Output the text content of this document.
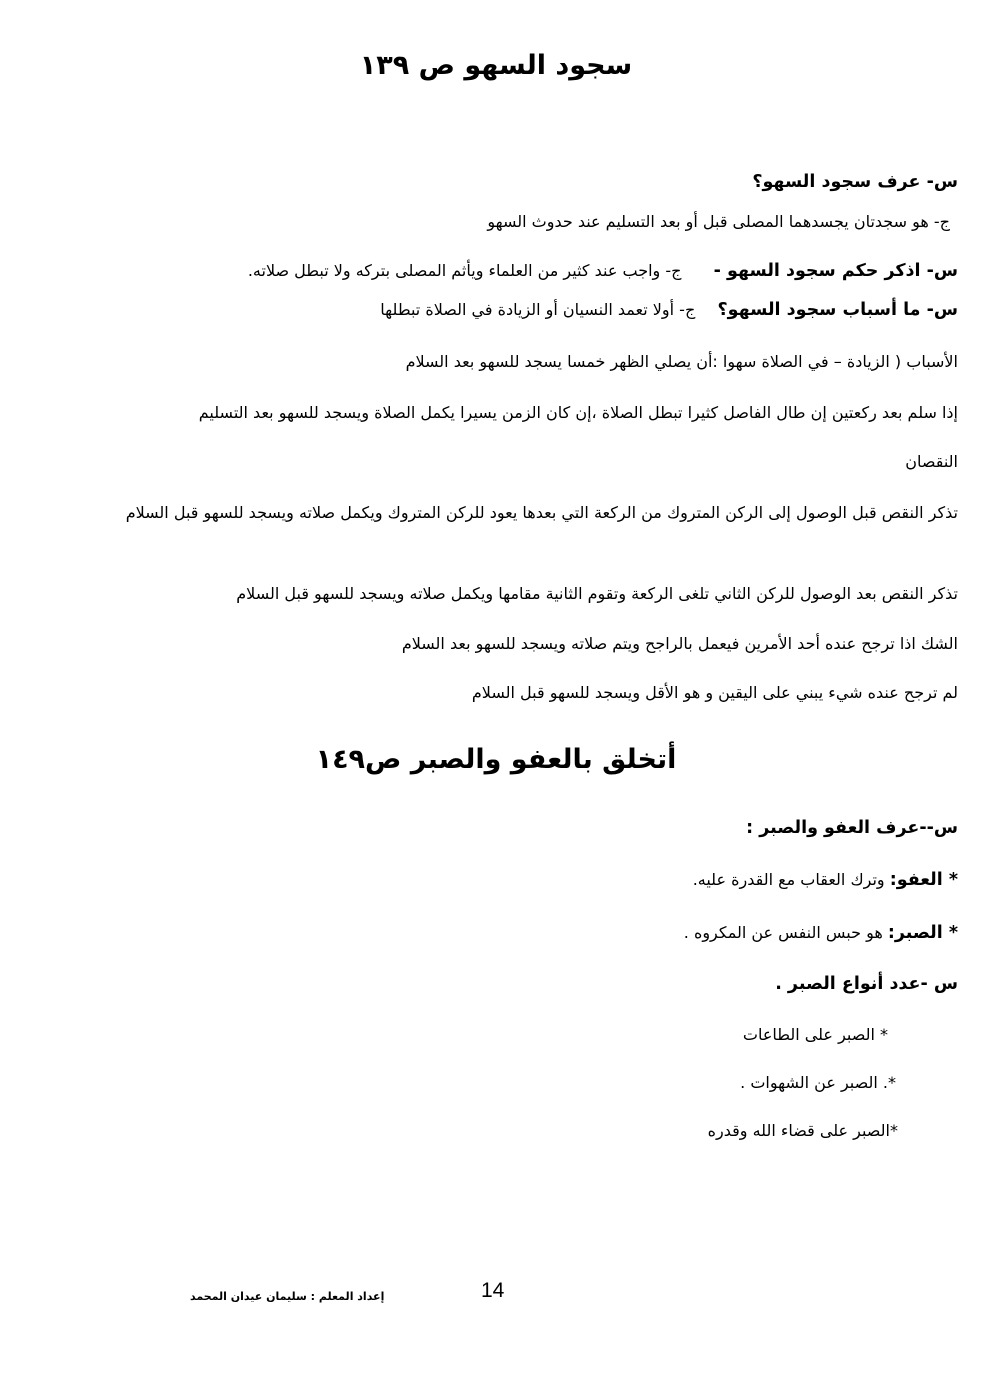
سجود السهو ص ١٣٩
س- عرف سجود السهو؟
ج- هو سجدتان يجسدهما المصلى قبل أو بعد التسليم عند حدوث السهو
س- اذكر حكم سجود السهو -  ج- واجب عند كثير من العلماء ويأثم المصلى بتركه ولا تبطل صلاته.
س- ما أسباب سجود السهو؟  ج- أولا تعمد النسيان أو الزيادة في الصلاة تبطلها
الأسباب ( الزيادة – في الصلاة سهوا :أن يصلي الظهر خمسا يسجد للسهو بعد السلام
إذا سلم بعد ركعتين إن طال الفاصل كثيرا تبطل الصلاة ،إن كان الزمن يسيرا يكمل الصلاة ويسجد للسهو بعد التسليم
النقصان
تذكر النقص قبل الوصول إلى الركن المتروك من الركعة التي بعدها يعود للركن المتروك ويكمل صلاته ويسجد للسهو قبل السلام
تذكر النقص بعد الوصول للركن الثاني تلغى الركعة وتقوم الثانية مقامها ويكمل صلاته ويسجد للسهو قبل السلام
الشك اذا ترجح عنده أحد الأمرين فيعمل بالراجح ويتم صلاته ويسجد للسهو بعد السلام
لم ترجح عنده شيء يبني على اليقين و هو الأقل ويسجد للسهو قبل السلام
أتخلق بالعفو والصبر ص١٤٩
س--عرف العفو والصبر :
* العفو: وترك العقاب مع القدرة عليه.
* الصبر: هو حبس النفس عن المكروه .
س -عدد أنواع الصبر .
* الصبر على الطاعات
*. الصبر عن الشهوات .
*الصبر على قضاء الله وقدره
إعداد المعلم : سليمان عيدان المحمد	14
